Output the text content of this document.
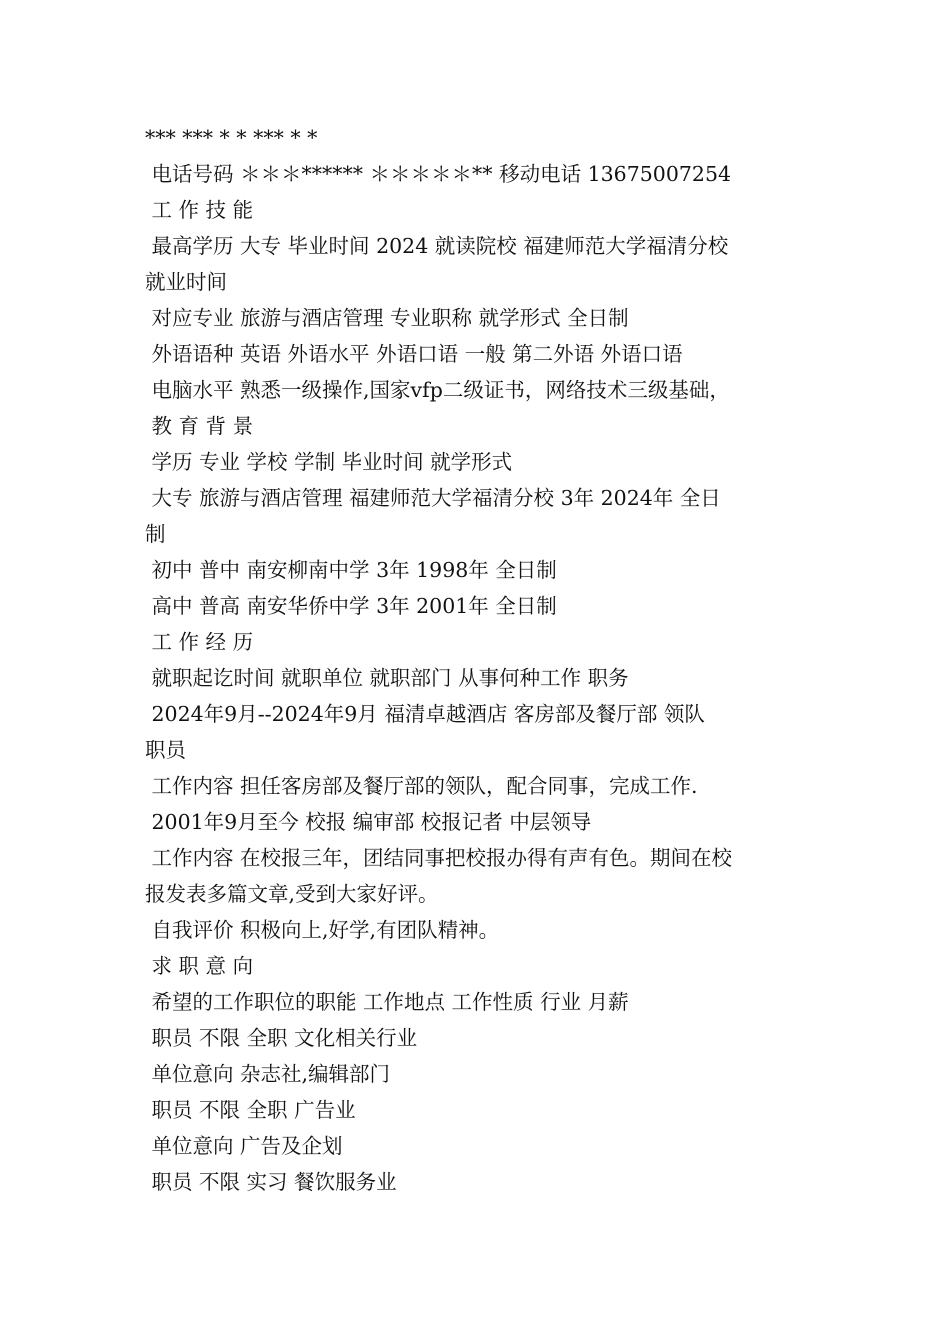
*** *** * * *** * *
电话号码 ＊＊＊****** ＊＊＊＊＊** 移动电话 13675007254
工 作 技 能
最高学历 大专 毕业时间 2024 就读院校 福建师范大学福清分校
就业时间
对应专业 旅游与酒店管理 专业职称 就学形式 全日制
外语语种 英语 外语水平 外语口语 一般 第二外语 外语口语
电脑水平 熟悉一级操作,国家vfp二级证书，网络技术三级基础，
教 育 背 景
学历 专业 学校 学制 毕业时间 就学形式
大专 旅游与酒店管理 福建师范大学福清分校 3年 2024年 全日
制
初中 普中 南安柳南中学 3年 1998年 全日制
高中 普高 南安华侨中学 3年 2001年 全日制
工 作 经 历
就职起讫时间 就职单位 就职部门 从事何种工作 职务
2024年9月--2024年9月 福清卓越酒店 客房部及餐厅部 领队
职员
工作内容 担任客房部及餐厅部的领队，配合同事，完成工作.
2001年9月至今 校报 编审部 校报记者 中层领导
工作内容 在校报三年，团结同事把校报办得有声有色。期间在校
报发表多篇文章,受到大家好评。
自我评价 积极向上,好学,有团队精神。
求 职 意 向
希望的工作职位的职能 工作地点 工作性质 行业 月薪
职员 不限 全职 文化相关行业
单位意向 杂志社,编辑部门
职员 不限 全职 广告业
单位意向 广告及企划
职员 不限 实习 餐饮服务业
